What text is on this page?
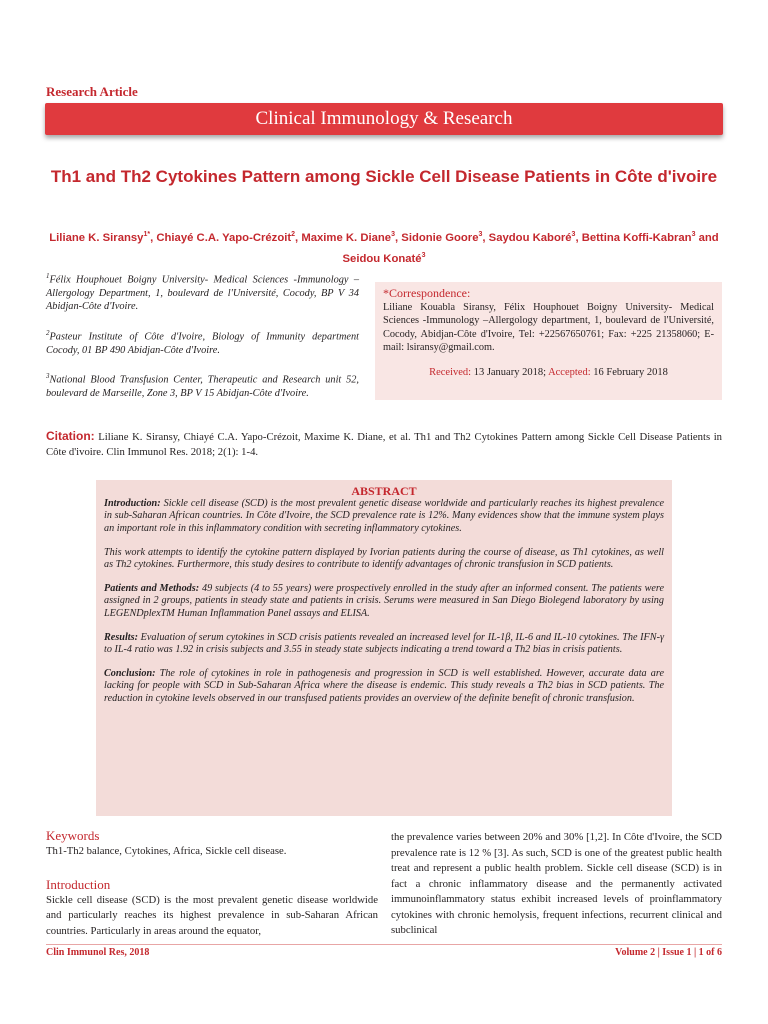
Research Article
Clinical Immunology & Research
Th1 and Th2 Cytokines Pattern among Sickle Cell Disease Patients in Côte d'ivoire
Liliane K. Siransy$^{1*}$, Chiayé C.A. Yapo-Crézoit$^2$, Maxime K. Diane$^3$, Sidonie Goore$^3$, Saydou Kaboré$^3$, Bettina Koffi-Kabran$^3$ and Seidou Konaté$^3$
$^1$Félix Houphouet Boigny University- Medical Sciences -Immunology –Allergology Department, 1, boulevard de l'Université, Cocody, BP V 34 Abidjan-Côte d'Ivoire.
$^2$Pasteur Institute of Côte d'Ivoire, Biology of Immunity department Cocody, 01 BP 490 Abidjan-Côte d'Ivoire.
$^3$National Blood Transfusion Center, Therapeutic and Research unit 52, boulevard de Marseille, Zone 3, BP V 15 Abidjan-Côte d'Ivoire.
*Correspondence:
Liliane Kouabla Siransy, Félix Houphouet Boigny University- Medical Sciences -Immunology –Allergology department, 1, boulevard de l'Université, Cocody, Abidjan-Côte d'Ivoire, Tel: +22567650761; Fax: +225 21358060; E-mail: lsiransy@gmail.com.
Received: 13 January 2018; Accepted: 16 February 2018
Citation: Liliane K. Siransy, Chiayé C.A. Yapo-Crézoit, Maxime K. Diane, et al. Th1 and Th2 Cytokines Pattern among Sickle Cell Disease Patients in Côte d'ivoire. Clin Immunol Res. 2018; 2(1): 1-4.
ABSTRACT

Introduction: Sickle cell disease (SCD) is the most prevalent genetic disease worldwide and particularly reaches its highest prevalence in sub-Saharan African countries. In Côte d'Ivoire, the SCD prevalence rate is 12%. Many evidences show that the immune system plays an important role in this inflammatory condition with secreting inflammatory cytokines.

This work attempts to identify the cytokine pattern displayed by Ivorian patients during the course of disease, as Th1 cytokines, as well as Th2 cytokines. Furthermore, this study desires to contribute to identify advantages of chronic transfusion in SCD patients.

Patients and Methods: 49 subjects (4 to 55 years) were prospectively enrolled in the study after an informed consent. The patients were assigned in 2 groups, patients in steady state and patients in crisis. Serums were measured in San Diego Biolegend laboratory by using LEGENDplexTM Human Inflammation Panel assays and ELISA.

Results: Evaluation of serum cytokines in SCD crisis patients revealed an increased level for IL-1β, IL-6 and IL-10 cytokines. The IFN-γ to IL-4 ratio was 1.92 in crisis subjects and 3.55 in steady state subjects indicating a trend toward a Th2 bias in crisis patients.

Conclusion: The role of cytokines in role in pathogenesis and progression in SCD is well established. However, accurate data are lacking for people with SCD in Sub-Saharan Africa where the disease is endemic. This study reveals a Th2 bias in SCD patients. The reduction in cytokine levels observed in our transfused patients provides an overview of the definite benefit of chronic transfusion.

Keywords
Th1-Th2 balance, Cytokines, Africa, Sickle cell disease.
Introduction
Sickle cell disease (SCD) is the most prevalent genetic disease worldwide and particularly reaches its highest prevalence in sub-Saharan African countries. Particularly in areas around the equator,
the prevalence varies between 20% and 30% [1,2]. In Côte d'Ivoire, the SCD prevalence rate is 12 % [3]. As such, SCD is one of the greatest public health treat and represent a public health problem. Sickle cell disease (SCD) is in fact a chronic inflammatory disease and the permanently activated immunoinflammatory status exhibit increased levels of proinflammatory cytokines with chronic hemolysis, frequent infections, recurrent clinical and subclinical
Clin Immunol Res, 2018	Volume 2 | Issue 1 | 1 of 6
